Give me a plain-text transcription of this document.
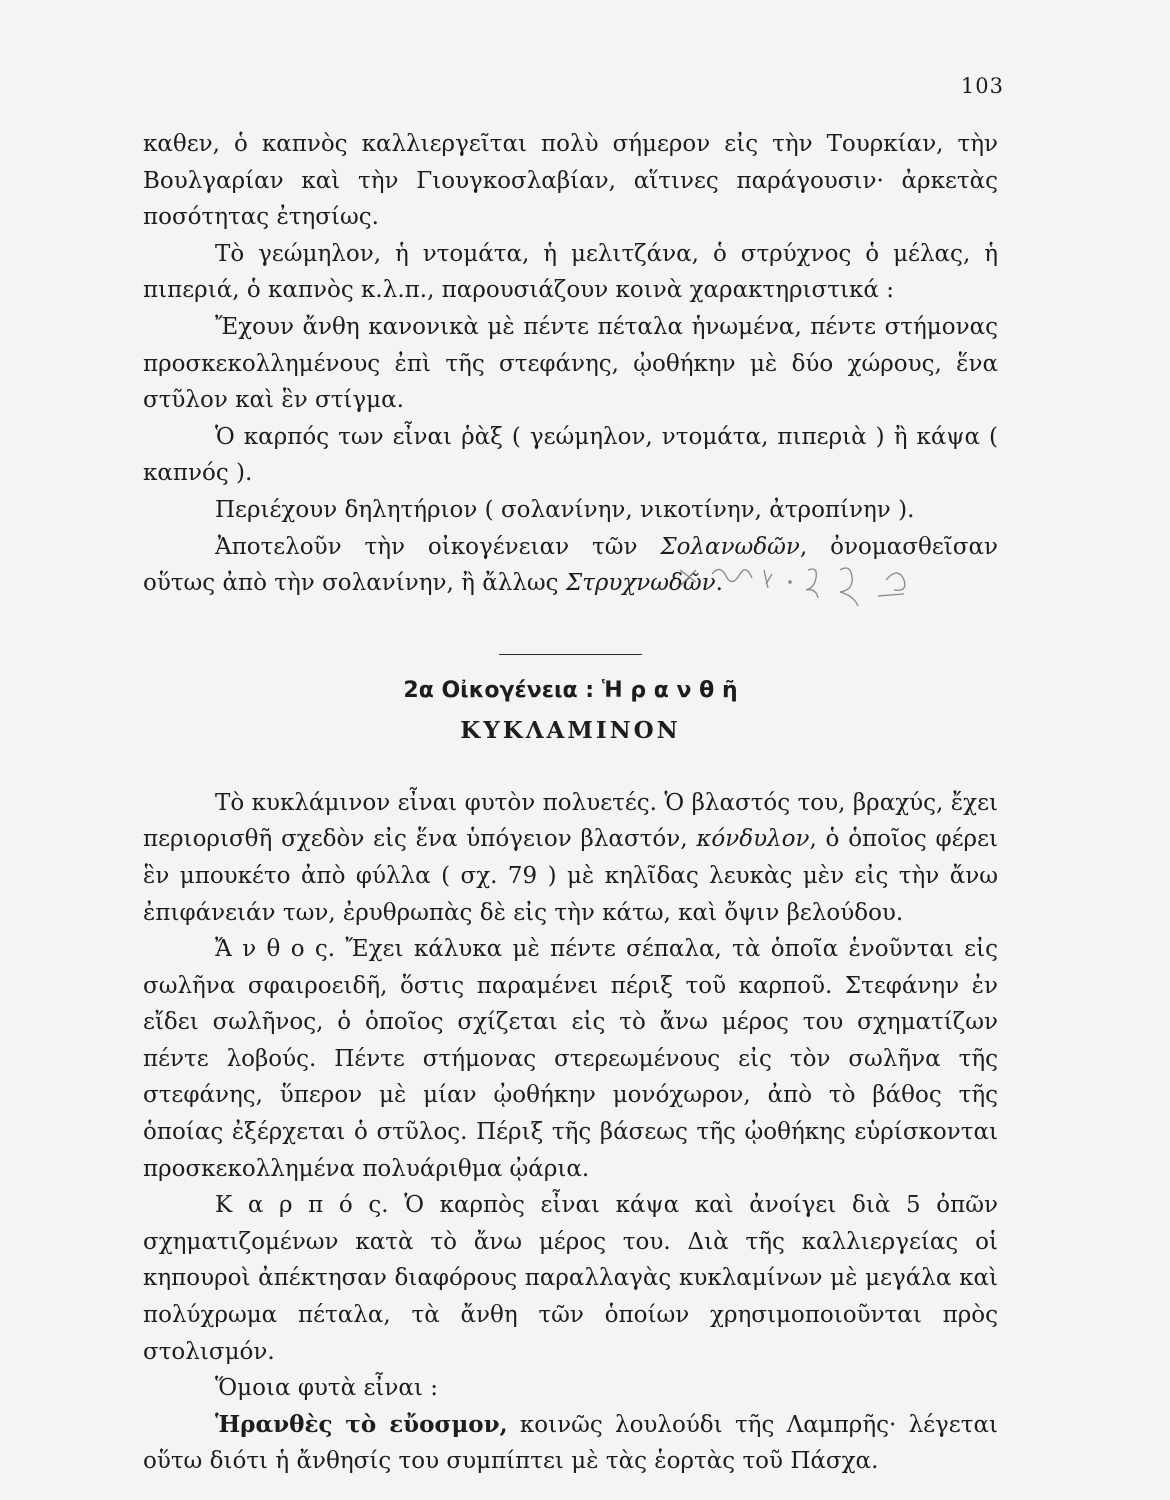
103

καθεν, ὁ καπνὸς καλλιεργεῖται πολὺ σήμερον εἰς τὴν Τουρκίαν, τὴν Βουλγαρίαν καὶ τὴν Γιουγκοσλαβίαν, αἵτινες παράγουσιν· ἀρκετὰς ποσότητας ἐτησίως.

Τὸ γεώμηλον, ἡ ντομάτα, ἡ μελιτζάνα, ὁ στρύχνος ὁ μέλας, ἡ πιπεριά, ὁ καπνὸς κ.λ.π., παρουσιάζουν κοινὰ χαρακτηριστικά :

Ἔχουν ἄνθη κανονικὰ μὲ πέντε πέταλα ἡνωμένα, πέντε στήμονας προσκεκολλημένους ἐπὶ τῆς στεφάνης, ᾠοθήκην μὲ δύο χώρους, ἕνα στῦλον καὶ ἓν στίγμα.

Ὁ καρπός των εἶναι ῥὰξ ( γεώμηλον, ντομάτα, πιπεριὰ ) ἢ κάψα ( καπνός ).

Περιέχουν δηλητήριον ( σολανίνην, νικοτίνην, ἀτροπίνην ).

Ἀποτελοῦν τὴν οἰκογένειαν τῶν Σολανωδῶν, ὀνομασθεῖσαν οὕτως ἀπὸ τὴν σολανίνην, ἢ ἄλλως Στρυχνωδῶν.

2α Οἰκογένεια : Ἡ ρ α ν θ ῆ
ΚΥΚΛΑΜΙΝΟΝ

Τὸ κυκλάμινον εἶναι φυτὸν πολυετές. Ὁ βλαστός του, βραχύς, ἔχει περιορισθῆ σχεδὸν εἰς ἕνα ὑπόγειον βλαστόν, κόνδυλον, ὁ ὁποῖος φέρει ἓν μπουκέτο ἀπὸ φύλλα ( σχ. 79 ) μὲ κηλῖδας λευκὰς μὲν εἰς τὴν ἄνω ἐπιφάνειάν των, ἐρυθρωπὰς δὲ εἰς τὴν κάτω, καὶ ὄψιν βελούδου.

Ἄ ν θ ο ς. Ἔχει κάλυκα μὲ πέντε σέπαλα, τὰ ὁποῖα ἑνοῦνται εἰς σωλῆνα σφαιροειδῆ, ὅστις παραμένει πέριξ τοῦ καρποῦ. Στεφάνην ἐν εἴδει σωλῆνος, ὁ ὁποῖος σχίζεται εἰς τὸ ἄνω μέρος του σχηματίζων πέντε λοβούς. Πέντε στήμονας στερεωμένους εἰς τὸν σωλῆνα τῆς στεφάνης, ὕπερον μὲ μίαν ᾠοθήκην μονόχωρον, ἀπὸ τὸ βάθος τῆς ὁποίας ἐξέρχεται ὁ στῦλος. Πέριξ τῆς βάσεως τῆς ᾠοθήκης εὑρίσκονται προσκεκολλημένα πολυάριθμα ᾠάρια.

Κ α ρ π ό ς. Ὁ καρπὸς εἶναι κάψα καὶ ἀνοίγει διὰ 5 ὀπῶν σχηματιζομένων κατὰ τὸ ἄνω μέρος του. Διὰ τῆς καλλιεργείας οἱ κηπουροὶ ἀπέκτησαν διαφόρους παραλλαγὰς κυκλαμίνων μὲ μεγάλα καὶ πολύχρωμα πέταλα, τὰ ἄνθη τῶν ὁποίων χρησιμοποιοῦνται πρὸς στολισμόν.

Ὅμοια φυτὰ εἶναι :

Ἡρανθὲς τὸ εὔοσμον, κοινῶς λουλούδι τῆς Λαμπρῆς· λέγεται οὕτω διότι ἡ ἄνθησίς του συμπίπτει μὲ τὰς ἑορτὰς τοῦ Πάσχα.
